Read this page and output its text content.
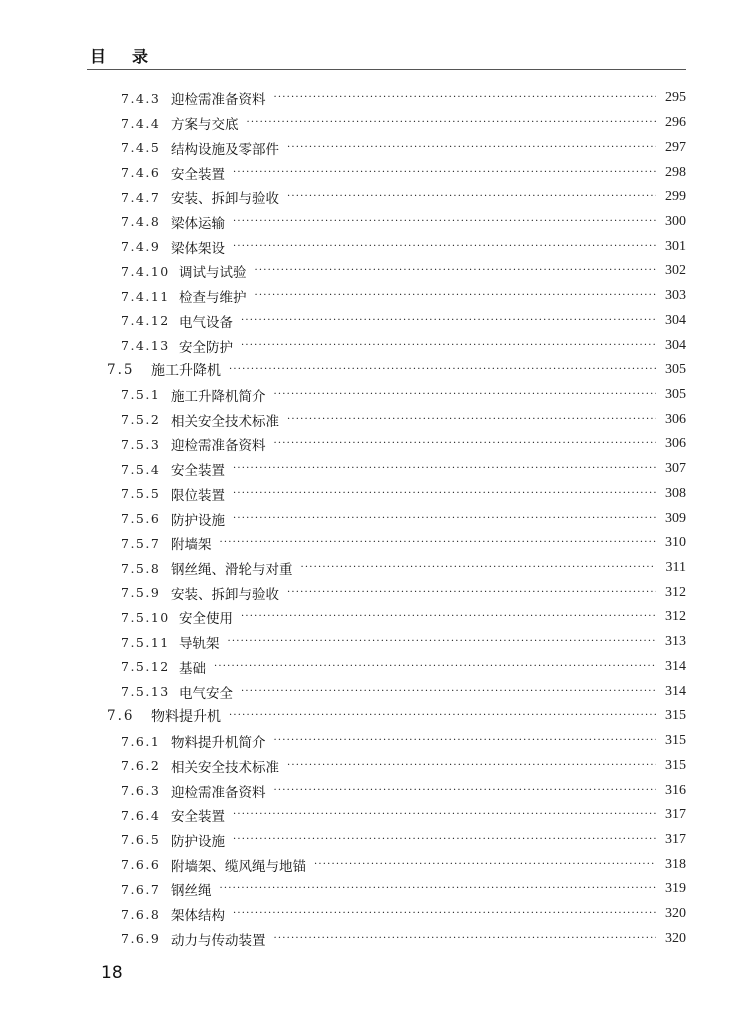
目录
7.4.3 迎检需准备资料 ·····	295
7.4.4 方案与交底 ·····	296
7.4.5 结构设施及零部件 ·····	297
7.4.6 安全装置 ·····	298
7.4.7 安装、拆卸与验收 ·····	299
7.4.8 梁体运输 ·····	300
7.4.9 梁体架设 ·····	301
7.4.10 调试与试验 ·····	302
7.4.11 检查与维护 ·····	303
7.4.12 电气设备 ·····	304
7.4.13 安全防护 ·····	304
7.5	施工升降机 ·····	305
7.5.1 施工升降机简介 ·····	305
7.5.2 相关安全技术标准 ·····	306
7.5.3 迎检需准备资料 ·····	306
7.5.4 安全装置 ·····	307
7.5.5 限位装置 ·····	308
7.5.6 防护设施 ·····	309
7.5.7 附墙架 ·····	310
7.5.8 钢丝绳、滑轮与对重 ·····	311
7.5.9 安装、拆卸与验收 ·····	312
7.5.10 安全使用 ·····	312
7.5.11 导轨架 ·····	313
7.5.12 基础 ·····	314
7.5.13 电气安全 ·····	314
7.6	物料提升机 ·····	315
7.6.1 物料提升机简介 ·····	315
7.6.2 相关安全技术标准 ·····	315
7.6.3 迎检需准备资料 ·····	316
7.6.4 安全装置 ·····	317
7.6.5 防护设施 ·····	317
7.6.6 附墙架、缆风绳与地锚 ·····	318
7.6.7 钢丝绳 ·····	319
7.6.8 架体结构 ·····	320
7.6.9 动力与传动装置 ·····	320
18
